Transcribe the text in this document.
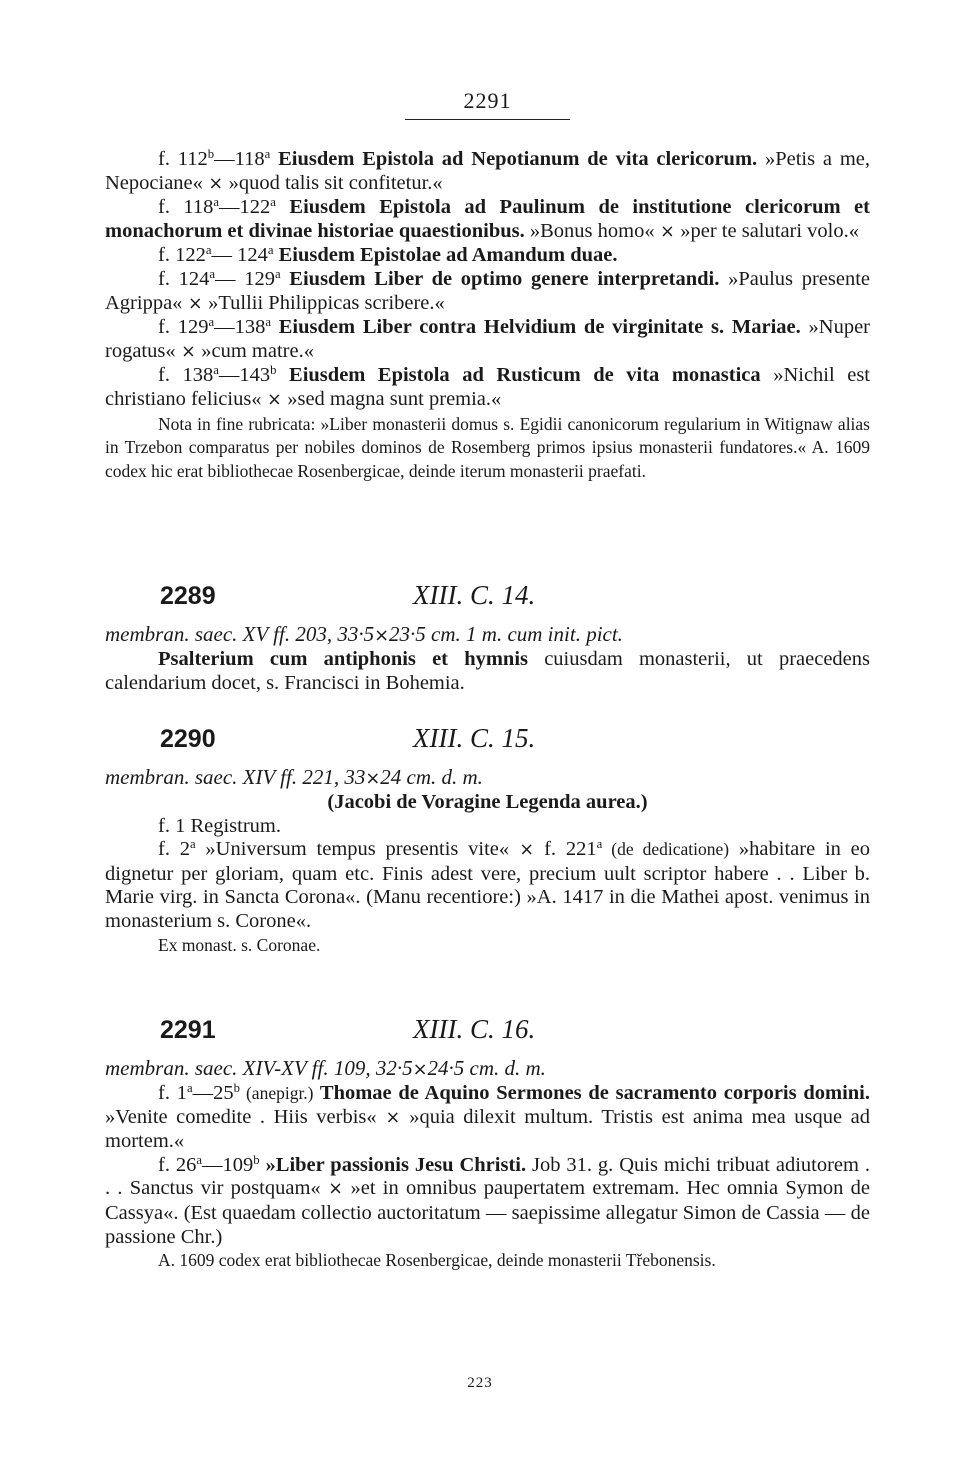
2291

f. 112$^b$—118$^a$ Eiusdem Epistola ad Nepotianum de vita clericorum. »Petis a me, Nepociane« × »quod talis sit confitetur.«

f. 118$^a$—122$^a$ Eiusdem Epistola ad Paulinum de institutione clericorum et monachorum et divinae historiae quaestionibus. »Bonus homo« × »per te salutari volo.«

f. 122$^a$— 124$^a$ Eiusdem Epistolae ad Amandum duae.

f. 124$^a$— 129$^a$ Eiusdem Liber de optimo genere interpretandi. »Paulus presente Agrippa« × »Tullii Philippicas scribere.«

f. 129$^a$—138$^a$ Eiusdem Liber contra Helvidium de virginitate s. Mariae. »Nuper rogatus« × »cum matre.«

f. 138$^a$—143$^b$ Eiusdem Epistola ad Rusticum de vita monastica »Nichil est christiano felicius« × »sed magna sunt premia.«

Nota in fine rubricata: »Liber monasterii domus s. Egidii canonicorum regularium in Witignaw alias in Trzebon comparatus per nobiles dominos de Rosemberg primos ipsius monasterii fundatores.« A. 1609 codex hic erat bibliothecae Rosenbergicae, deinde iterum monasterii praefati.

2289	XIII. C. 14.

membran. saec. XV ff. 203, 33·5×23·5 cm. 1 m. cum init. pict.

Psalterium cum antiphonis et hymnis cuiusdam monasterii, ut praecedens calendarium docet, s. Francisci in Bohemia.

2290	XIII. C. 15.

membran. saec. XIV ff. 221, 33×24 cm. d. m.

(Jacobi de Voragine Legenda aurea.)

f. 1 Registrum.

f. 2$^a$ »Universum tempus presentis vite« × f. 221$^a$ (de dedicatione) »habitare in eo dignetur per gloriam, quam etc. Finis adest vere, precium uult scriptor habere . . Liber b. Marie virg. in Sancta Corona«. (Manu recentiore:) »A. 1417 in die Mathei apost. venimus in monasterium s. Corone«.

Ex monast. s. Coronae.

2291	XIII. C. 16.

membran. saec. XIV-XV ff. 109, 32·5×24·5 cm. d. m.

f. 1$^a$—25$^b$ (anepigr.) Thomae de Aquino Sermones de sacramento corporis domini. »Venite comedite . Hiis verbis« × »quia dilexit multum. Tristis est anima mea usque ad mortem.«

f. 26$^a$—109$^b$ »Liber passionis Jesu Christi. Job 31. g. Quis michi tribuat adiutorem . . . Sanctus vir postquam« × »et in omnibus paupertatem extremam. Hec omnia Symon de Cassya«. (Est quaedam collectio auctoritatum — saepissime allegatur Simon de Cassia — de passione Chr.)

A. 1609 codex erat bibliothecae Rosenbergicae, deinde monasterii Třebonensis.

223
